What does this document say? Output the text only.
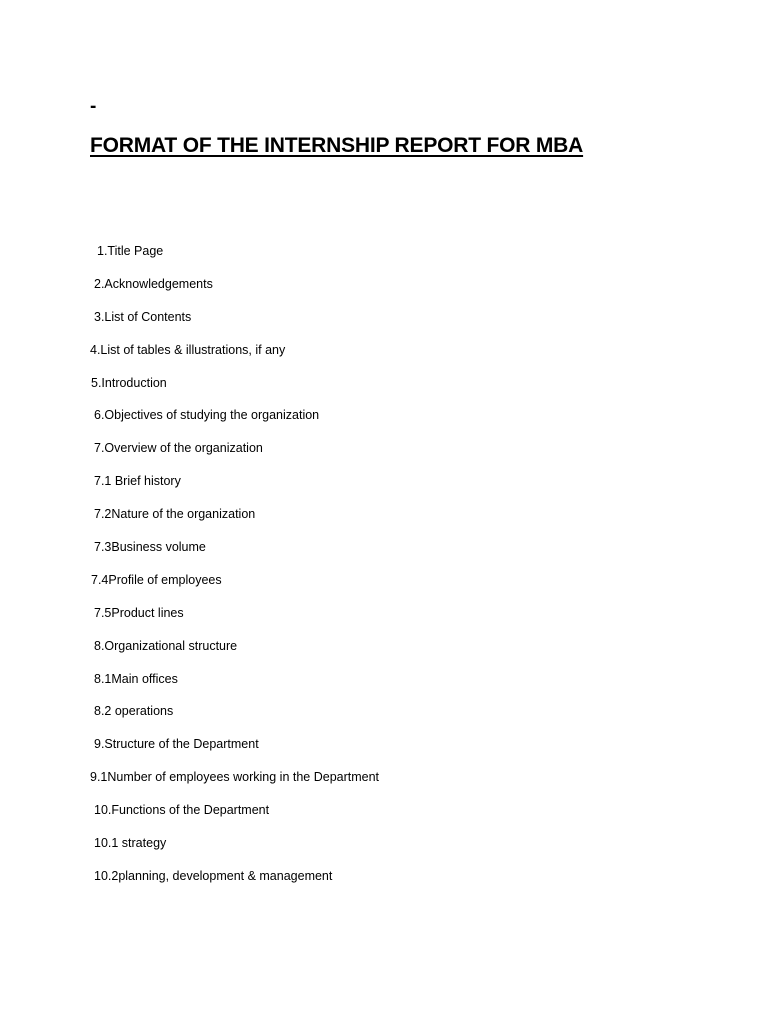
-
FORMAT OF THE INTERNSHIP REPORT FOR MBA
1.Title Page
2.Acknowledgements
3.List of Contents
4.List of tables & illustrations, if any
5.Introduction
6.Objectives of studying the organization
7.Overview of the organization
7.1 Brief history
7.2Nature of the organization
7.3Business volume
7.4Profile of employees
7.5Product lines
8.Organizational structure
8.1Main offices
8.2 operations
9.Structure of the Department
9.1Number of employees working in the Department
10.Functions of the Department
10.1 strategy
10.2planning, development & management
